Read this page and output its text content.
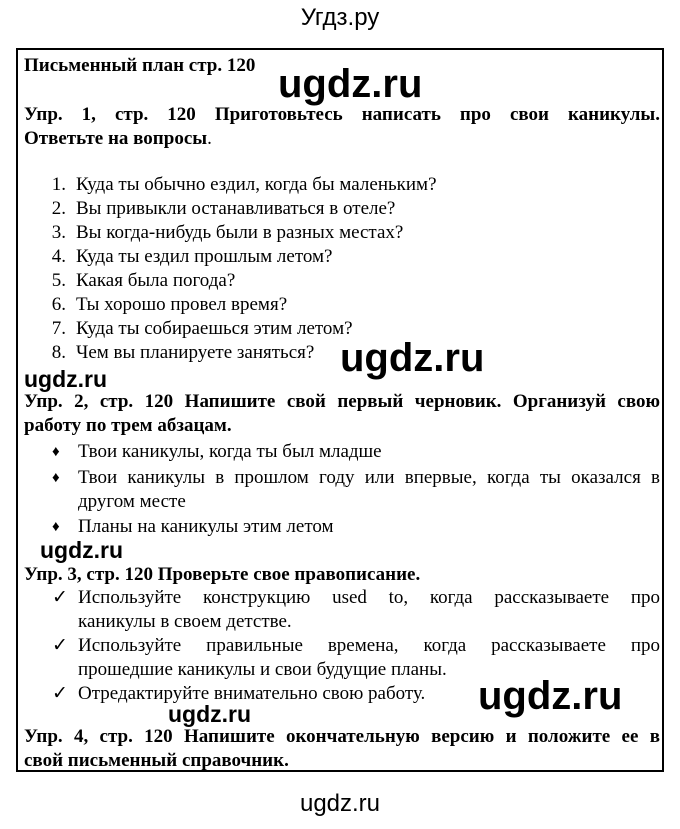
Угдз.ру
Письменный план стр. 120
Упр. 1, стр. 120 Приготовьтесь написать про свои каникулы.
Ответьте на вопросы.
1. Куда ты обычно ездил, когда бы маленьким?
2. Вы привыкли останавливаться в отеле?
3. Вы когда-нибудь были в разных местах?
4. Куда ты ездил прошлым летом?
5. Какая была погода?
6. Ты хорошо провел время?
7. Куда ты собираешься этим летом?
8. Чем вы планируете заняться?
Упр. 2, стр. 120 Напишите свой первый черновик. Организуй свою
работу по трем абзацам.
♦ Твои каникулы, когда ты был младше
♦ Твои каникулы в прошлом году или впервые, когда ты оказался в
другом месте
♦ Планы на каникулы этим летом
Упр. 3, стр. 120 Проверьте свое правописание.
✓ Используйте конструкцию used to, когда рассказываете про
каникулы в своем детстве.
✓ Используйте правильные времена, когда рассказываете про
прошедшие каникулы и свои будущие планы.
✓ Отредактируйте внимательно свою работу.
Упр. 4, стр. 120 Напишите окончательную версию и положите ее в
свой письменный справочник.
ugdz.ru
ugdz.ru
ugdz.ru
ugdz.ru
ugdz.ru
ugdz.ru
ugdz.ru
